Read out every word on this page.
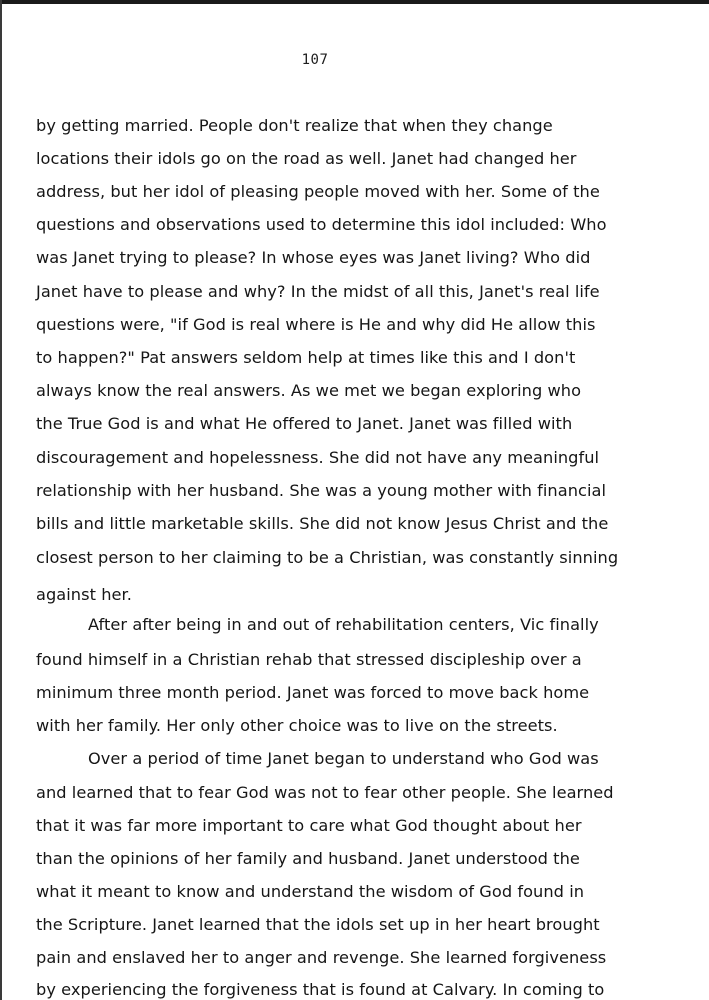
107
by getting married. People don't realize that when they change
locations their idols go on the road as well. Janet had changed her
address, but her idol of pleasing people moved with her. Some of the
questions and observations used to determine this idol included: Who
was Janet trying to please? In whose eyes was Janet living? Who did
Janet have to please and why? In the midst of all this, Janet's real life
questions were, "if God is real where is He and why did He allow this
to happen?" Pat answers seldom help at times like this and I don't
always know the real answers. As we met we began exploring who
the True God is and what He offered to Janet. Janet was filled with
discouragement and hopelessness. She did not have any meaningful
relationship with her husband. She was a young mother with financial
bills and little marketable skills. She did not know Jesus Christ and the
closest person to her claiming to be a Christian, was constantly sinning
against her.
After after being in and out of rehabilitation centers, Vic finally
found himself in a Christian rehab that stressed discipleship over a
minimum three month period. Janet was forced to move back home
with her family. Her only other choice was to live on the streets.
Over a period of time Janet began to understand who God was
and learned that to fear God was not to fear other people. She learned
that it was far more important to care what God thought about her
than the opinions of her family and husband. Janet understood the
what it meant to know and understand the wisdom of God found in
the Scripture. Janet learned that the idols set up in her heart brought
pain and enslaved her to anger and revenge. She learned forgiveness
by experiencing the forgiveness that is found at Calvary. In coming to
